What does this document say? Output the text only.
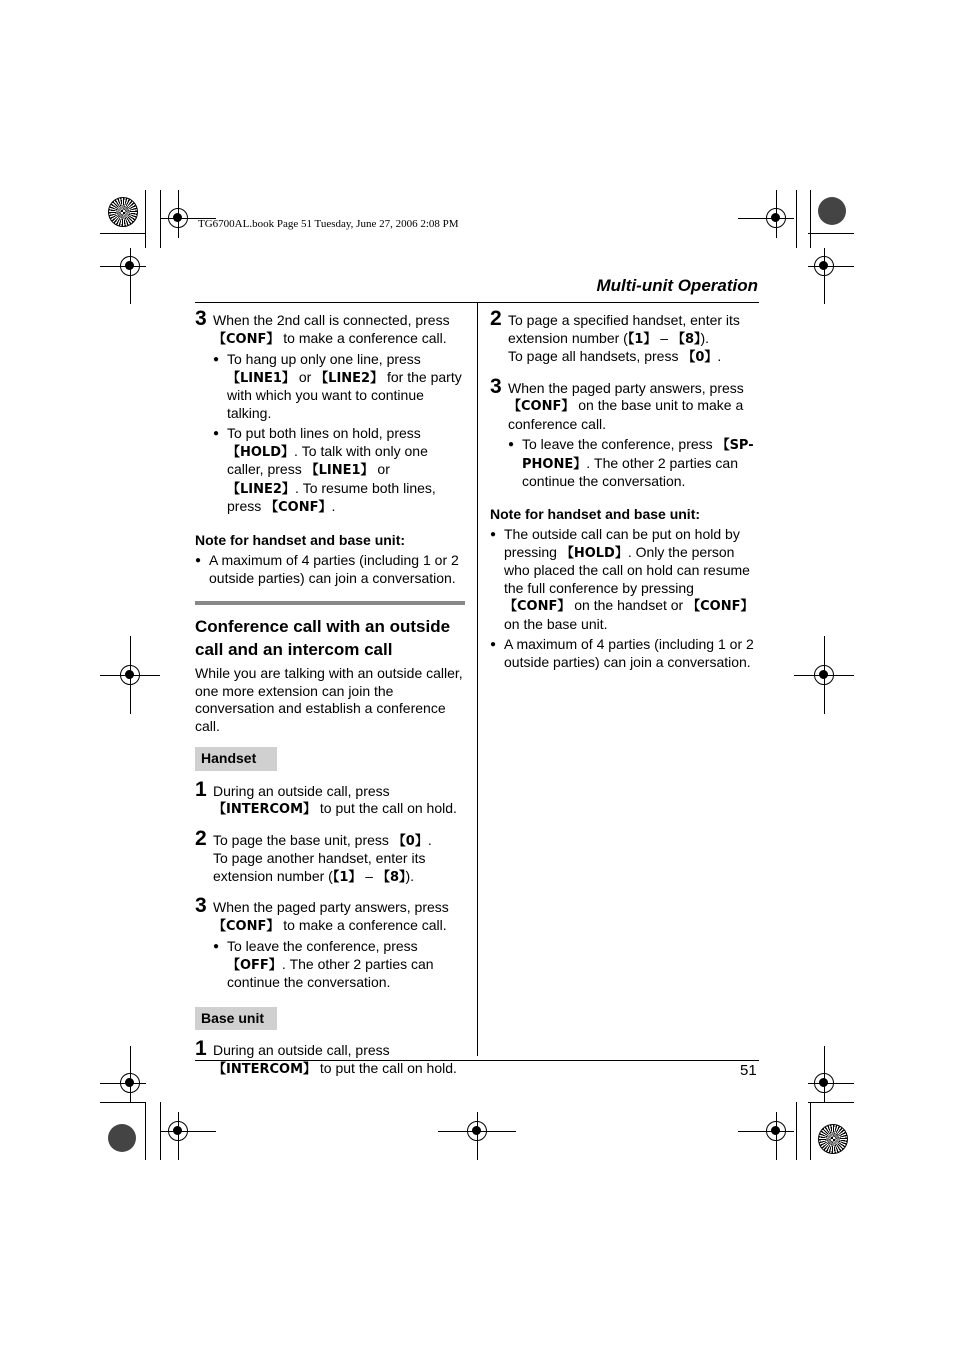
TG6700AL.book Page 51 Tuesday, June 27, 2006 2:08 PM
Multi-unit Operation
3 When the 2nd call is connected, press 【CONF】 to make a conference call.
● To hang up only one line, press 【LINE1】 or 【LINE2】 for the party with which you want to continue talking.
● To put both lines on hold, press 【HOLD】. To talk with only one caller, press 【LINE1】 or 【LINE2】. To resume both lines, press 【CONF】.
Note for handset and base unit:
● A maximum of 4 parties (including 1 or 2 outside parties) can join a conversation.
Conference call with an outside call and an intercom call
While you are talking with an outside caller, one more extension can join the conversation and establish a conference call.
Handset
1 During an outside call, press 【INTERCOM】 to put the call on hold.
2 To page the base unit, press 【0】.
To page another handset, enter its extension number (【1】 – 【8】).
3 When the paged party answers, press 【CONF】 to make a conference call.
● To leave the conference, press 【OFF】. The other 2 parties can continue the conversation.
Base unit
1 During an outside call, press 【INTERCOM】 to put the call on hold.
2 To page a specified handset, enter its extension number (【1】 – 【8】).
To page all handsets, press 【0】.
3 When the paged party answers, press 【CONF】 on the base unit to make a conference call.
● To leave the conference, press 【SP-PHONE】. The other 2 parties can continue the conversation.
Note for handset and base unit:
● The outside call can be put on hold by pressing 【HOLD】. Only the person who placed the call on hold can resume the full conference by pressing 【CONF】 on the handset or 【CONF】 on the base unit.
● A maximum of 4 parties (including 1 or 2 outside parties) can join a conversation.
51
